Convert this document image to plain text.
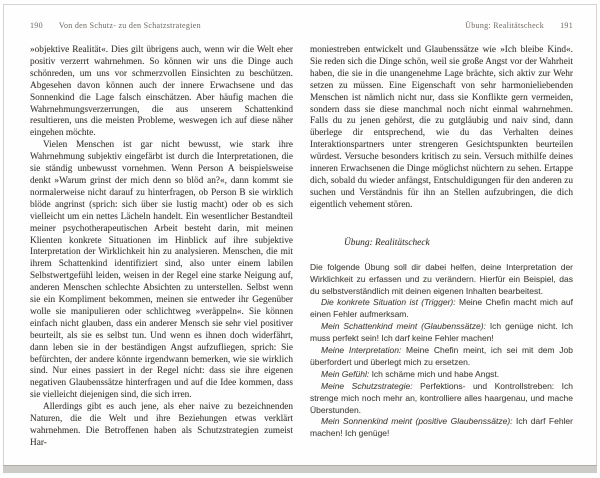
190 Von den Schutz- zu den Schatzstrategien

»objektive Realität«. Dies gilt übrigens auch, wenn wir die Welt eher positiv verzerrt wahrnehmen. So können wir uns die Dinge auch schönreden, um uns vor schmerzvollen Einsichten zu beschützen. Abgesehen davon können auch der innere Erwachsene und das Sonnenkind die Lage falsch einschätzen. Aber häufig machen die Wahrnehmungsverzerrungen, die aus unserem Schattenkind resultieren, uns die meisten Probleme, weswegen ich auf diese näher eingehen möchte.

Vielen Menschen ist gar nicht bewusst, wie stark ihre Wahrnehmung subjektiv eingefärbt ist durch die Interpretationen, die sie ständig unbewusst vornehmen. Wenn Person A beispielsweise denkt »Warum grinst der mich denn so blöd an?«, dann kommt sie normalerweise nicht darauf zu hinterfragen, ob Person B sie wirklich blöde angrinst (sprich: sich über sie lustig macht) oder ob es sich vielleicht um ein nettes Lächeln handelt. Ein wesentlicher Bestandteil meiner psychotherapeutischen Arbeit besteht darin, mit meinen Klienten konkrete Situationen im Hinblick auf ihre subjektive Interpretation der Wirklichkeit hin zu analysieren. Menschen, die mit ihrem Schattenkind identifiziert sind, also unter einem labilen Selbstwertgefühl leiden, weisen in der Regel eine starke Neigung auf, anderen Menschen schlechte Absichten zu unterstellen. Selbst wenn sie ein Kompliment bekommen, meinen sie entweder ihr Gegenüber wolle sie manipulieren oder schlichtweg »veräppeln«. Sie können einfach nicht glauben, dass ein anderer Mensch sie sehr viel positiver beurteilt, als sie es selbst tun. Und wenn es ihnen doch widerfährt, dann leben sie in der beständigen Angst aufzufliegen, sprich: Sie befürchten, der andere könnte irgendwann bemerken, wie sie wirklich sind. Nur eines passiert in der Regel nicht: dass sie ihre eigenen negativen Glaubenssätze hinterfragen und auf die Idee kommen, dass sie vielleicht diejenigen sind, die sich irren.

Allerdings gibt es auch jene, als eher naive zu bezeichnenden Naturen, die die Welt und ihre Beziehungen etwas verklärt wahrnehmen. Die Betroffenen haben als Schutzstrategien zumeist Har-

Übung: Realitätscheck 191

moniestreben entwickelt und Glaubenssätze wie »Ich bleibe Kind«. Sie reden sich die Dinge schön, weil sie große Angst vor der Wahrheit haben, die sie in die unangenehme Lage brächte, sich aktiv zur Wehr setzen zu müssen. Eine Eigenschaft von sehr harmonieliebenden Menschen ist nämlich nicht nur, dass sie Konflikte gern vermeiden, sondern dass sie diese manchmal noch nicht einmal wahrnehmen. Falls du zu jenen gehörst, die zu gutgläubig und naiv sind, dann überlege dir entsprechend, wie du das Verhalten deines Interaktionspartners unter strengeren Gesichtspunkten beurteilen würdest. Versuche besonders kritisch zu sein. Versuch mithilfe deines inneren Erwachsenen die Dinge möglichst nüchtern zu sehen. Ertappe dich, sobald du wieder anfängst, Entschuldigungen für den anderen zu suchen und Verständnis für ihn an Stellen aufzubringen, die dich eigentlich vehement stören.

Übung: Realitätscheck

Die folgende Übung soll dir dabei helfen, deine Interpretation der Wirklichkeit zu erfassen und zu verändern. Hierfür ein Beispiel, das du selbstverständlich mit deinen eigenen Inhalten bearbeitest.

Die konkrete Situation ist (Trigger): Meine Chefin macht mich auf einen Fehler aufmerksam.

Mein Schattenkind meint (Glaubenssätze): Ich genüge nicht. Ich muss perfekt sein! Ich darf keine Fehler machen!

Meine Interpretation: Meine Chefin meint, ich sei mit dem Job überfordert und überlegt mich zu ersetzen.

Mein Gefühl: Ich schäme mich und habe Angst.

Meine Schutzstrategie: Perfektions- und Kontrollstreben: Ich strenge mich noch mehr an, kontrolliere alles haargenau, und mache Überstunden.

Mein Sonnenkind meint (positive Glaubenssätze): Ich darf Fehler machen! Ich genüge!
